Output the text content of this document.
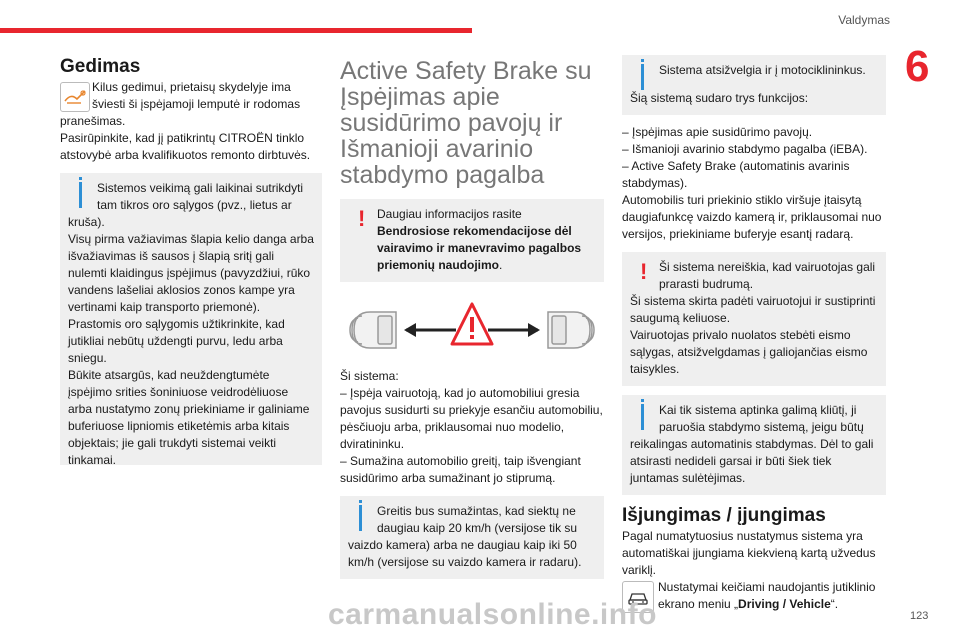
Valdymas
6
Gedimas

Kilus gedimui, prietaisų skydelyje ima

šviesti ši įspėjamoji lemputė ir rodomas

pranešimas.

Pasirūpinkite, kad jį patikrintų CITROËN tinklo atstovybė arba kvalifikuotos remonto dirbtuvės.

Sistemos veikimą gali laikinai sutrikdyti

tam tikros oro sąlygos (pvz., lietus ar

kruša).

Visų pirma važiavimas šlapia kelio danga arba išvažiavimas iš sausos į šlapią sritį gali nulemti klaidingus įspėjimus (pavyzdžiui, rūko vandens lašeliai aklosios zonos kampe yra vertinami kaip transporto priemonė).

Prastomis oro sąlygomis užtikrinkite, kad jutikliai nebūtų uždengti purvu, ledu arba sniegu.

Būkite atsargūs, kad neuždengtumėte įspėjimo srities šoniniuose veidrodėliuose arba nustatymo zonų priekiniame ir galiniame buferiuose lipniomis etiketėmis arba kitais objektais; jie gali trukdyti sistemai veikti tinkamai.

Active Safety Brake su Įspėjimas apie susidūrimo pavojų ir Išmanioji avarinio stabdymo pagalba
! Daugiau informacijos rasite

Bendrosiose rekomendacijose dėl vairavimo ir manevravimo pagalbos priemonių naudojimo

.

Ši sistema:

– Įspėja vairuotoją, kad jo automobiliui gresia pavojus susidurti su priekyje esančiu automobiliu, pėsčiuoju arba, priklausomai nuo modelio, dviratininku.

– Sumažina automobilio greitį, taip išvengiant susidūrimo arba sumažinant jo stiprumą.

Greitis bus sumažintas, kad siektų ne

daugiau kaip 20 km/h (versijose tik su

vaizdo kamera) arba ne daugiau kaip iki 50 km/h (versijose su vaizdo kamera ir radaru).

Sistema atsižvelgia ir į motociklininkus.

Šią sistemą sudaro trys funkcijos:

– Įspėjimas apie susidūrimo pavojų.

– Išmanioji avarinio stabdymo pagalba (iEBA).

– Active Safety Brake (automatinis avarinis stabdymas).

Automobilis turi priekinio stiklo viršuje įtaisytą daugiafunkcę vaizdo kamerą ir, priklausomai nuo versijos, priekiniame buferyje esantį radarą.

! Ši sistema nereiškia, kad vairuotojas gali

prarasti budrumą.

Ši sistema skirta padėti vairuotojui ir sustiprinti saugumą keliuose.

Vairuotojas privalo nuolatos stebėti eismo sąlygas, atsižvelgdamas į galiojančias eismo taisykles.

Kai tik sistema aptinka galimą kliūtį, ji

paruošia stabdymo sistemą, jeigu būtų

reikalingas automatinis stabdymas. Dėl to gali atsirasti nedideli garsai ir būti šiek tiek juntamas sulėtėjimas.

Išjungimas / įjungimas

Pagal numatytuosius nustatymus sistema yra automatiškai įjungiama kiekvieną kartą užvedus variklį.

Nustatymai keičiami naudojantis jutiklinio

ekrano meniu „Driving / Vehicle“.

carmanualsonline.info	123
